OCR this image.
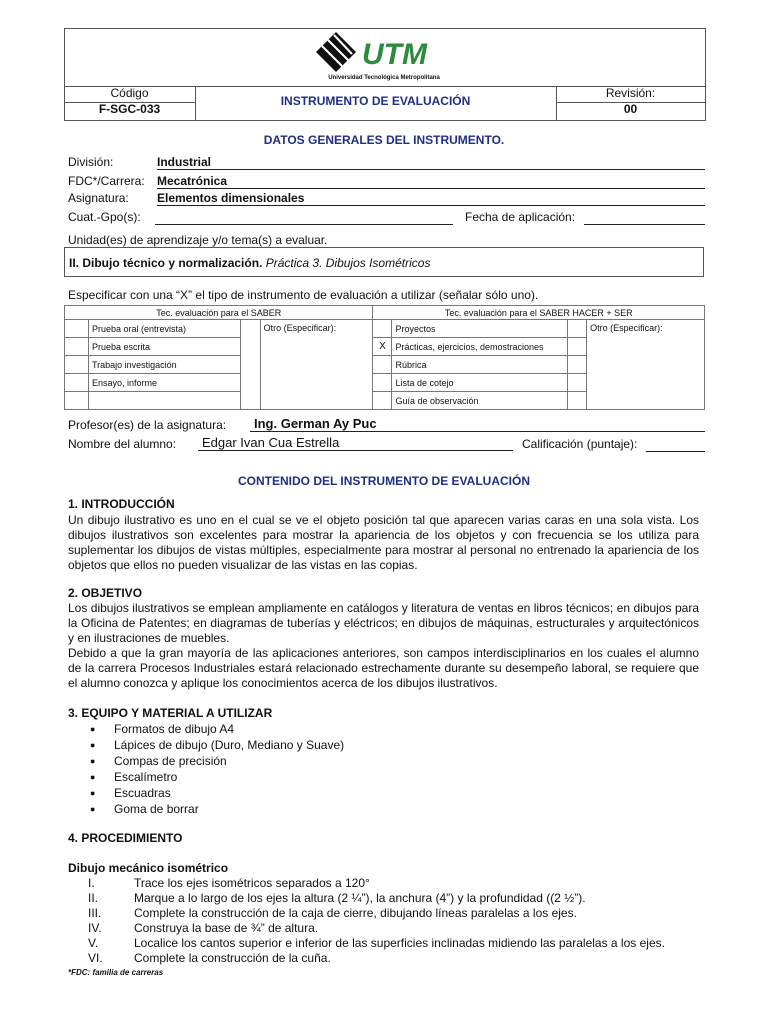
UTM
Universidad Tecnológica Metropolitana
Código
F-SGC-033
INSTRUMENTO DE EVALUACIÓN
Revisión:
00
DATOS GENERALES DEL INSTRUMENTO.
División:	Industrial
FDC*/Carrera: Mecatrónica
Asignatura: Elementos dimensionales
Cuat.-Gpo(s):	Fecha de aplicación:
Unidad(es) de aprendizaje y/o tema(s) a evaluar.
II. Dibujo técnico y normalización. Práctica 3. Dibujos Isométricos
Especificar con una “X” el tipo de instrumento de evaluación a utilizar (señalar sólo uno).
Tec. evaluación para el SABER				Tec. evaluación para el SABER HACER + SER			
	Prueba oral (entrevista)		Otro (Especificar):		Proyectos		Otro (Especificar):
	Prueba escrita			X	Prácticas, ejercicios, demostraciones		
	Trabajo investigación				Rúbrica		
	Ensayo, informe				Lista de cotejo		
					Guía de observación		
Profesor(es) de la asignatura:	Ing. German Ay Puc
Nombre del alumno:	Edgar Ivan Cua Estrella	Calificación (puntaje):
CONTENIDO DEL INSTRUMENTO DE EVALUACIÓN
1. INTRODUCCIÓN

Un dibujo ilustrativo es uno en el cual se ve el objeto posición tal que aparecen varias caras en una sola vista. Los dibujos ilustrativos son excelentes para mostrar la apariencia de los objetos y con frecuencia se los utiliza para suplementar los dibujos de vistas múltiples, especialmente para mostrar al personal no entrenado la apariencia de los objetos que ellos no pueden visualizar de las vistas en las copias.

2. OBJETIVO

Los dibujos ilustrativos se emplean ampliamente en catálogos y literatura de ventas en libros técnicos; en dibujos para la Oficina de Patentes; en diagramas de tuberías y eléctricos; en dibujos de máquinas, estructurales y arquitectónicos y en ilustraciones de muebles.

Debido a que la gran mayoría de las aplicaciones anteriores, son campos interdisciplinarios en los cuales el alumno de la carrera Procesos Industriales estará relacionado estrechamente durante su desempeño laboral, se requiere que el alumno conozca y aplique los conocimientos acerca de los dibujos ilustrativos.

3. EQUIPO Y MATERIAL A UTILIZAR
● Formatos de dibujo A4
● Lápices de dibujo (Duro, Mediano y Suave)
● Compas de precisión
● Escalímetro
● Escuadras
● Goma de borrar
4. PROCEDIMIENTO
Dibujo mecánico isométrico
I.	Trace los ejes isométricos separados a 120°
II.	Marque a lo largo de los ejes la altura (2 ¼”), la anchura (4”) y la profundidad ((2 ½”).
III.	Complete la construcción de la caja de cierre, dibujando líneas paralelas a los ejes.
IV.	Construya la base de ¾” de altura.
V.	Localice los cantos superior e inferior de las superficies inclinadas midiendo las paralelas a los ejes.
VI.	Complete la construcción de la cuña.
*FDC: familia de carreras
